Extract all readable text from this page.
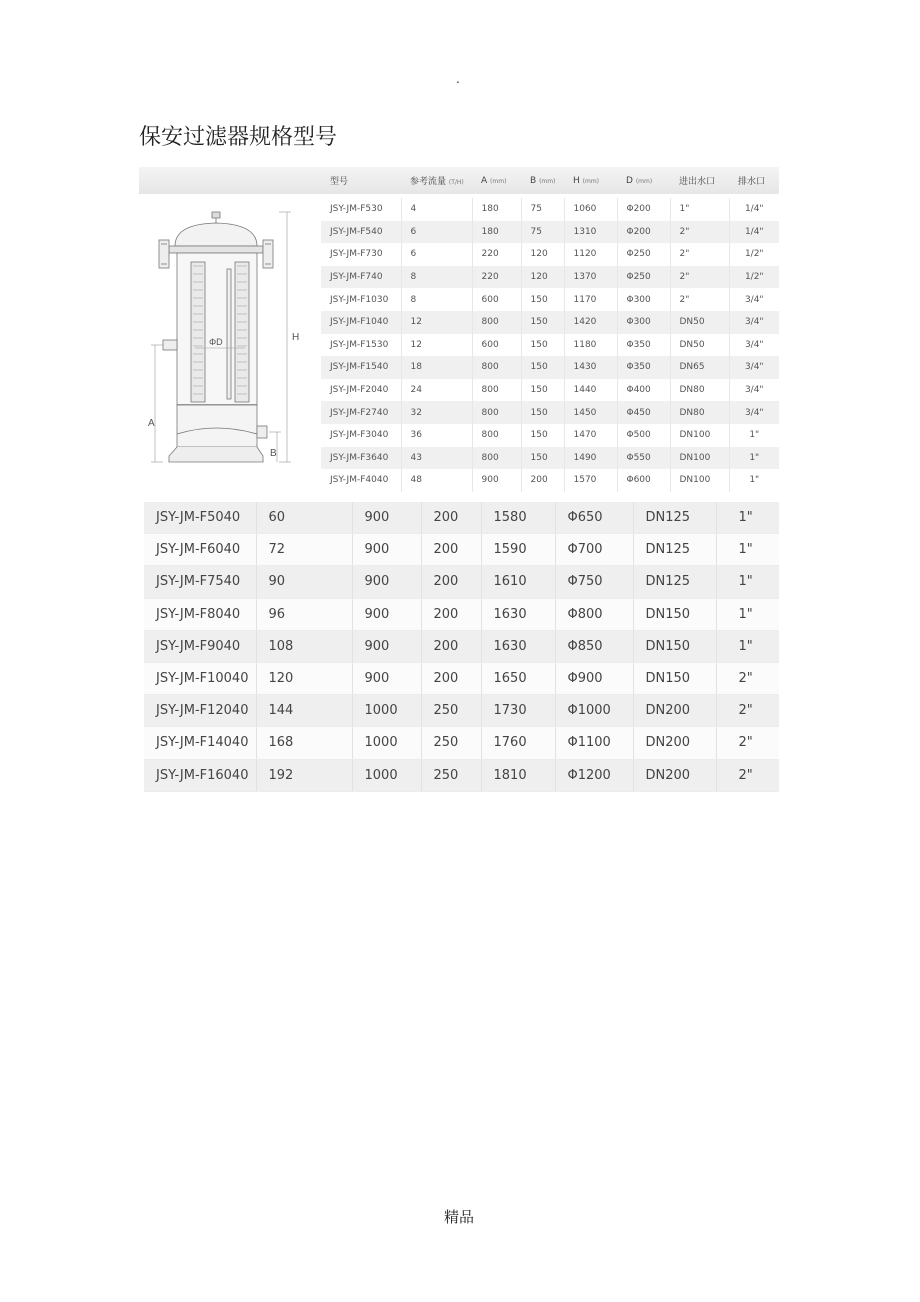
.
保安过滤器规格型号
H
ΦD
A
B
型号	参考流量 (T/H)	A (mm)	B (mm)	H (mm)	D (mm)	进出水口	排水口
JSY-JM-F530	4	180	75	1060	Φ200	1"	1/4"
JSY-JM-F540	6	180	75	1310	Φ200	2"	1/4"
JSY-JM-F730	6	220	120	1120	Φ250	2"	1/2"
JSY-JM-F740	8	220	120	1370	Φ250	2"	1/2"
JSY-JM-F1030	8	600	150	1170	Φ300	2"	3/4"
JSY-JM-F1040	12	800	150	1420	Φ300	DN50	3/4"
JSY-JM-F1530	12	600	150	1180	Φ350	DN50	3/4"
JSY-JM-F1540	18	800	150	1430	Φ350	DN65	3/4"
JSY-JM-F2040	24	800	150	1440	Φ400	DN80	3/4"
JSY-JM-F2740	32	800	150	1450	Φ450	DN80	3/4"
JSY-JM-F3040	36	800	150	1470	Φ500	DN100	1"
JSY-JM-F3640	43	800	150	1490	Φ550	DN100	1"
JSY-JM-F4040	48	900	200	1570	Φ600	DN100	1"
JSY-JM-F5040	60	900	200	1580	Φ650	DN125	1"
JSY-JM-F6040	72	900	200	1590	Φ700	DN125	1"
JSY-JM-F7540	90	900	200	1610	Φ750	DN125	1"
JSY-JM-F8040	96	900	200	1630	Φ800	DN150	1"
JSY-JM-F9040	108	900	200	1630	Φ850	DN150	1"
JSY-JM-F10040	120	900	200	1650	Φ900	DN150	2"
JSY-JM-F12040	144	1000	250	1730	Φ1000	DN200	2"
JSY-JM-F14040	168	1000	250	1760	Φ1100	DN200	2"
JSY-JM-F16040	192	1000	250	1810	Φ1200	DN200	2"
精品
